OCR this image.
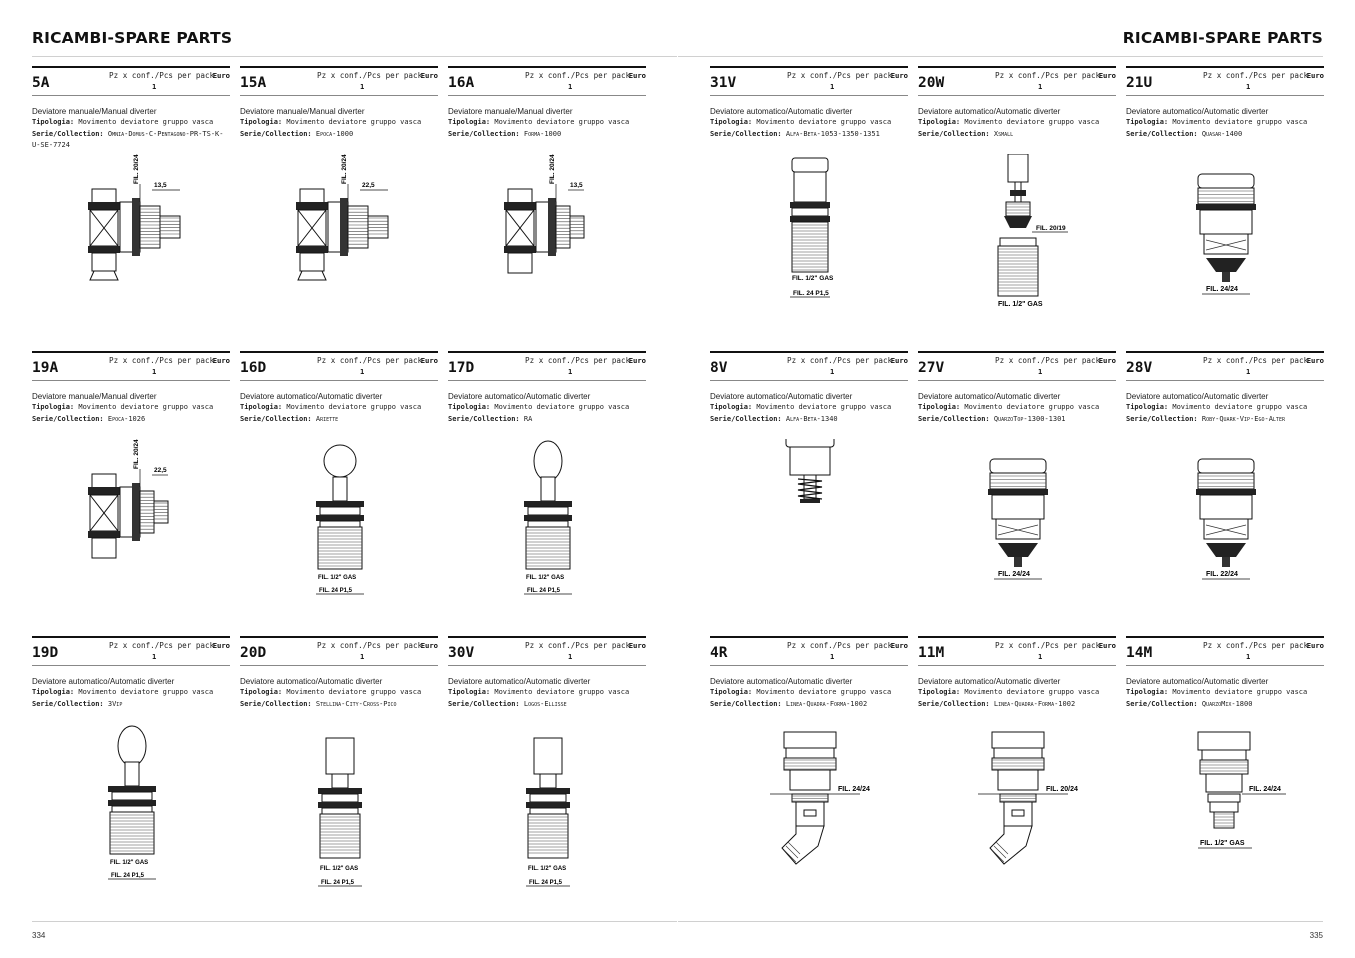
RICAMBI-SPARE PARTS
334
RICAMBI-SPARE PARTS
335
5A	Pz x conf./Pcs per pack
Euro
1
Deviatore manuale/Manual diverter
Tipologia: Movimento deviatore gruppo vasca
Serie/Collection: Omnia-Domus-C-Pentagono-PR-TS-K-U-SE-7724
FIL. 20/24
13,5
15A	Pz x conf./Pcs per pack
Euro
1
Deviatore manuale/Manual diverter
Tipologia: Movimento deviatore gruppo vasca
Serie/Collection: Epoca-1000
FIL. 20/24
22,5
16A	Pz x conf./Pcs per pack
Euro
1
Deviatore manuale/Manual diverter
Tipologia: Movimento deviatore gruppo vasca
Serie/Collection: Forma-1000
FIL. 20/24
13,5
31V	Pz x conf./Pcs per pack
Euro
1
Deviatore automatico/Automatic diverter
Tipologia: Movimento deviatore gruppo vasca
Serie/Collection: Alfa-Beta-1053-1350-1351
FIL. 1/2" GAS
FIL. 24 P1,5
20W	Pz x conf./Pcs per pack
Euro
1
Deviatore automatico/Automatic diverter
Tipologia: Movimento deviatore gruppo vasca
Serie/Collection: Xsmall
FIL. 20/19
FIL. 1/2" GAS
21U	Pz x conf./Pcs per pack
Euro
1
Deviatore automatico/Automatic diverter
Tipologia: Movimento deviatore gruppo vasca
Serie/Collection: Quasar-1400
FIL. 24/24
19A	Pz x conf./Pcs per pack
Euro
1
Deviatore manuale/Manual diverter
Tipologia: Movimento deviatore gruppo vasca
Serie/Collection: Epoca-1026
FIL. 20/24
22,5
16D	Pz x conf./Pcs per pack
Euro
1
Deviatore automatico/Automatic diverter
Tipologia: Movimento deviatore gruppo vasca
Serie/Collection: Ariette
FIL. 1/2" GAS
FIL. 24 P1,5
17D	Pz x conf./Pcs per pack
Euro
1
Deviatore automatico/Automatic diverter
Tipologia: Movimento deviatore gruppo vasca
Serie/Collection: RA
FIL. 1/2" GAS
FIL. 24 P1,5
8V	Pz x conf./Pcs per pack
Euro
1
Deviatore automatico/Automatic diverter
Tipologia: Movimento deviatore gruppo vasca
Serie/Collection: Alfa-Beta-1340
27V	Pz x conf./Pcs per pack
Euro
1
Deviatore automatico/Automatic diverter
Tipologia: Movimento deviatore gruppo vasca
Serie/Collection: QuarzoTop-1300-1301
FIL. 24/24
28V	Pz x conf./Pcs per pack
Euro
1
Deviatore automatico/Automatic diverter
Tipologia: Movimento deviatore gruppo vasca
Serie/Collection: Roby-Quark-Vip-Ego-Alter
FIL. 22/24
19D	Pz x conf./Pcs per pack
Euro
1
Deviatore automatico/Automatic diverter
Tipologia: Movimento deviatore gruppo vasca
Serie/Collection: 3Vip
FIL. 1/2" GAS
FIL. 24 P1,5
20D	Pz x conf./Pcs per pack
Euro
1
Deviatore automatico/Automatic diverter
Tipologia: Movimento deviatore gruppo vasca
Serie/Collection: Stellina-City-Cross-Pico
FIL. 1/2" GAS
FIL. 24 P1,5
30V	Pz x conf./Pcs per pack
Euro
1
Deviatore automatico/Automatic diverter
Tipologia: Movimento deviatore gruppo vasca
Serie/Collection: Logos-Ellisse
FIL. 1/2" GAS
FIL. 24 P1,5
4R	Pz x conf./Pcs per pack
Euro
1
Deviatore automatico/Automatic diverter
Tipologia: Movimento deviatore gruppo vasca
Serie/Collection: Linea-Quadra-Forma-1002
FIL. 24/24
11M	Pz x conf./Pcs per pack
Euro
1
Deviatore automatico/Automatic diverter
Tipologia: Movimento deviatore gruppo vasca
Serie/Collection: Linea-Quadra-Forma-1002
FIL. 20/24
14M	Pz x conf./Pcs per pack
Euro
1
Deviatore automatico/Automatic diverter
Tipologia: Movimento deviatore gruppo vasca
Serie/Collection: QuarzoMix-1800
FIL. 24/24
FIL. 1/2" GAS
